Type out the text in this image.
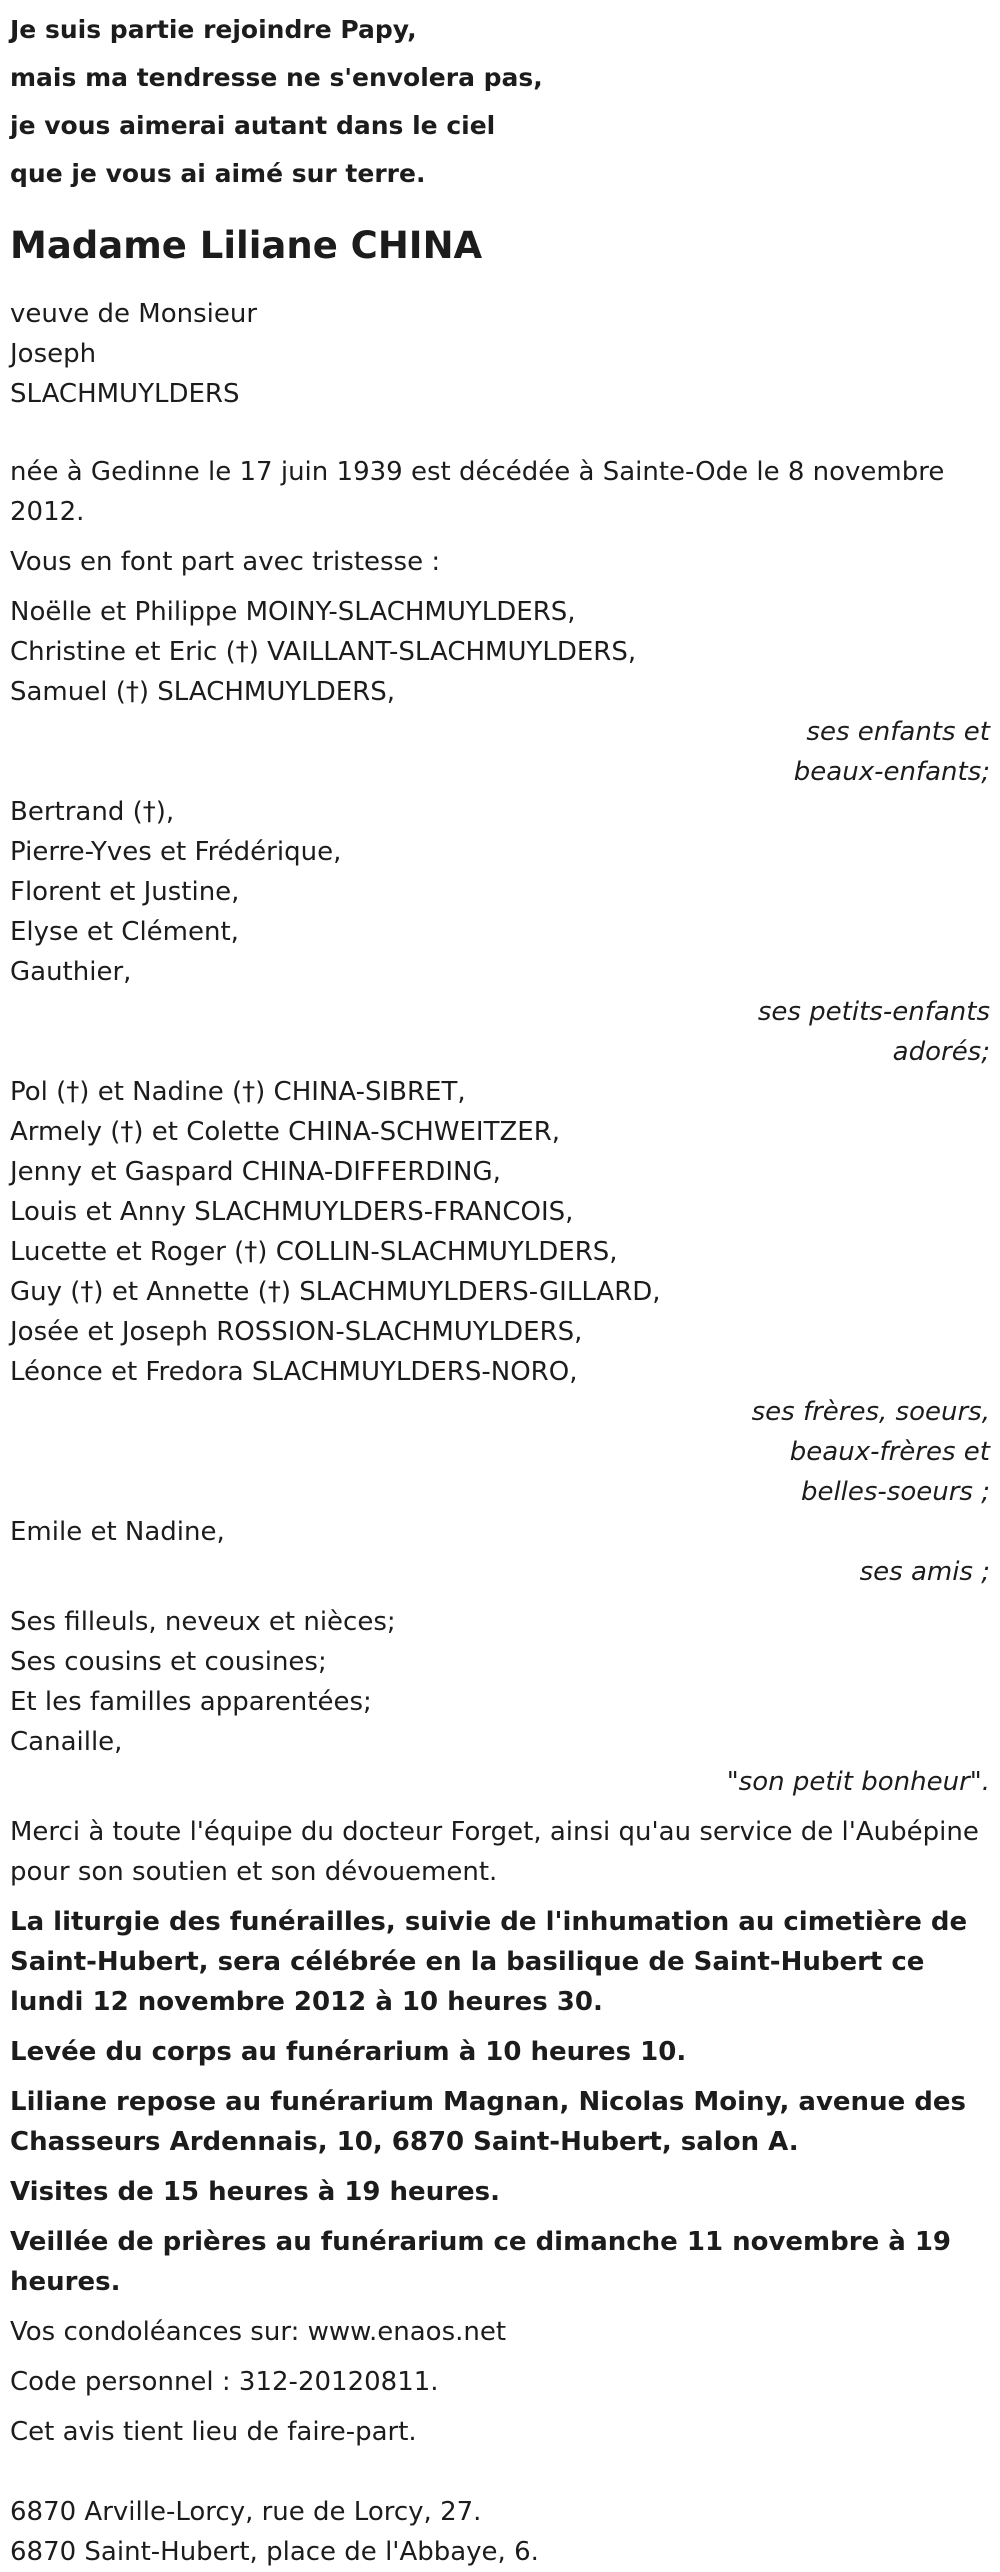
Je suis partie rejoindre Papy,
mais ma tendresse ne s'envolera pas,
je vous aimerai autant dans le ciel
que je vous ai aimé sur terre.
Madame Liliane CHINA
veuve de Monsieur
Joseph
SLACHMUYLDERS
née à Gedinne le 17 juin 1939 est décédée à Sainte-Ode le 8 novembre 2012.
Vous en font part avec tristesse :
Noëlle et Philippe MOINY-SLACHMUYLDERS,
Christine et Eric (†) VAILLANT-SLACHMUYLDERS,
Samuel (†) SLACHMUYLDERS,
ses enfants et
beaux-enfants;
Bertrand (†),
Pierre-Yves et Frédérique,
Florent et Justine,
Elyse et Clément,
Gauthier,
ses petits-enfants
adorés;
Pol (†) et Nadine (†) CHINA-SIBRET,
Armely (†) et Colette CHINA-SCHWEITZER,
Jenny et Gaspard CHINA-DIFFERDING,
Louis et Anny SLACHMUYLDERS-FRANCOIS,
Lucette et Roger (†) COLLIN-SLACHMUYLDERS,
Guy (†) et Annette (†) SLACHMUYLDERS-GILLARD,
Josée et Joseph ROSSION-SLACHMUYLDERS,
Léonce et Fredora SLACHMUYLDERS-NORO,
ses frères, soeurs,
beaux-frères et
belles-soeurs ;
Emile et Nadine,
ses amis ;
Ses filleuls, neveux et nièces;
Ses cousins et cousines;
Et les familles apparentées;
Canaille,
"son petit bonheur".
Merci à toute l'équipe du docteur Forget, ainsi qu'au service de l'Aubépine pour son soutien et son dévouement.
La liturgie des funérailles, suivie de l'inhumation au cimetière de Saint-Hubert, sera célébrée en la basilique de Saint-Hubert ce lundi 12 novembre 2012 à 10 heures 30.
Levée du corps au funérarium à 10 heures 10.
Liliane repose au funérarium Magnan, Nicolas Moiny, avenue des Chasseurs Ardennais, 10, 6870 Saint-Hubert, salon A.
Visites de 15 heures à 19 heures.
Veillée de prières au funérarium ce dimanche 11 novembre à 19 heures.
Vos condoléances sur: www.enaos.net
Code personnel : 312-20120811.
Cet avis tient lieu de faire-part.
6870 Arville-Lorcy, rue de Lorcy, 27.
6870 Saint-Hubert, place de l'Abbaye, 6.
